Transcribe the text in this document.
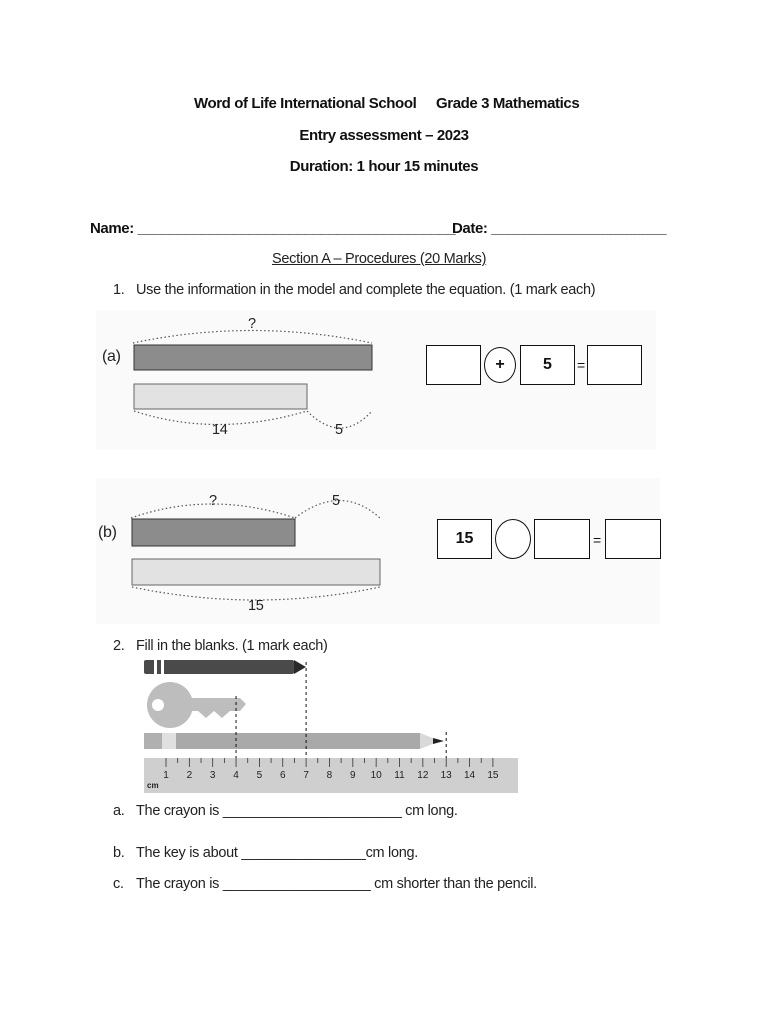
Word of Life International School Grade 3 Mathematics
Entry assessment – 2023
Duration: 1 hour 15 minutes
Name: ________________________________________
Date: ______________________
Section A – Procedures (20 Marks)
1. Use the information in the model and complete the equation. (1 mark each)
(a)
?
14	5
+	5	=
(b)
?	5
15
15	=
2. Fill in the blanks. (1 mark each)
1 2 3 4 5 6 7 8 9 10 11 12 13 14 15
cm
a. The crayon is _______________________ cm long.
b. The key is about ________________cm long.
c. The crayon is ___________________ cm shorter than the pencil.
